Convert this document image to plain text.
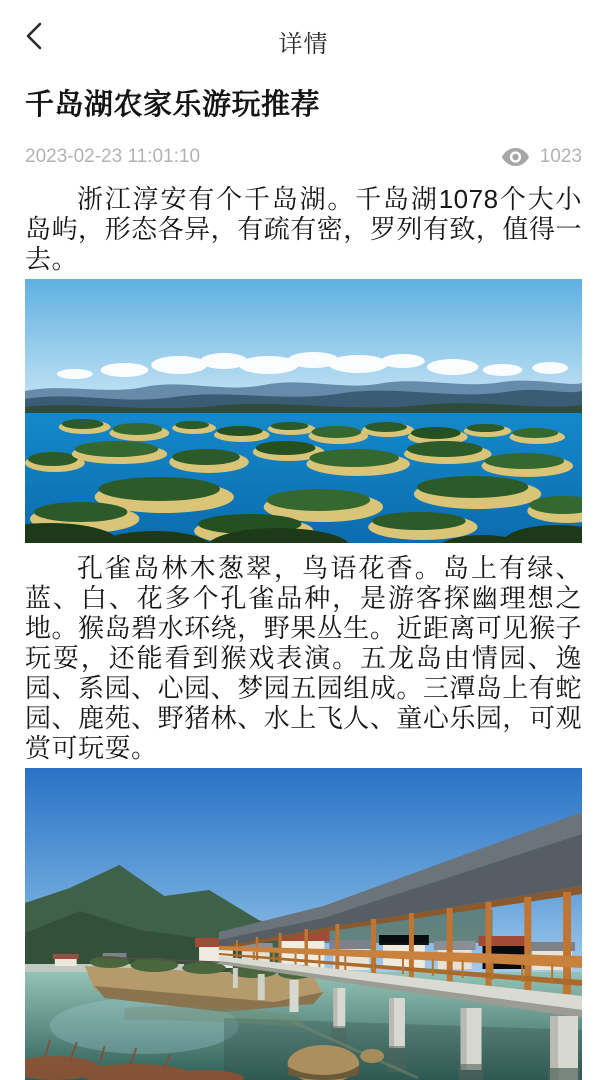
详情
千岛湖农家乐游玩推荐
2023-02-23 11:01:10	1023

浙江淳安有个千岛湖。千岛湖1078个大小岛屿，形态各异，有疏有密，罗列有致，值得一去。

孔雀岛林木葱翠，鸟语花香。岛上有绿、蓝、白、花多个孔雀品种，是游客探幽理想之地。猴岛碧水环绕，野果丛生。近距离可见猴子玩耍，还能看到猴戏表演。五龙岛由情园、逸园、系园、心园、梦园五园组成。三潭岛上有蛇园、鹿苑、野猪林、水上飞人、童心乐园，可观赏可玩耍。
